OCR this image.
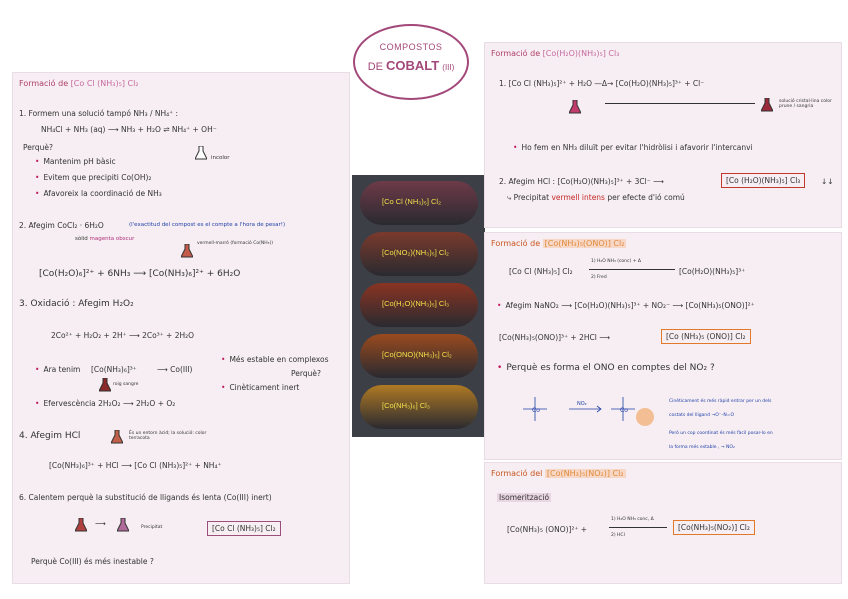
COMPOSTOS
DE COBALT (III)
Formació de [Co Cl (NH₃)₅] Cl₂
1. Formem una solució tampó NH₃ / NH₄⁺ :
NH₄Cl + NH₃ (aq) ⟶ NH₃ + H₂O ⇌ NH₄⁺ + OH⁻
Perquè?
• Mantenim pH bàsic
• Evitem que precipiti Co(OH)₂
• Afavoreix la coordinació de NH₃
incolor
2. Afegim CoCl₂ · 6H₂O	(l'exactitud del compost es el compte a l'hora de pesar!)
sòlid magenta obscur
vermell-marró (formació Co(NH₃))
[Co(H₂O)₆]²⁺ + 6NH₃ ⟶ [Co(NH₃)₆]²⁺ + 6H₂O
3. Oxidació : Afegim H₂O₂
2Co²⁺ + H₂O₂ + 2H⁺ ⟶ 2Co³⁺ + 2H₂O
• Ara tenim [Co(NH₃)₆]³⁺	⟶ Co(III)
roig sangre
• Més estable en complexos
Perquè?
• Cinèticament inert
• Efervescència 2H₂O₂ ⟶ 2H₂O + O₂
4. Afegim HCl	És un entorn àcid; la solució: color terracota
[Co(NH₃)₆]³⁺ + HCl ⟶ [Co Cl (NH₃)₅]²⁺ + NH₄⁺
6. Calentem perquè la substitució de lligands és lenta (Co(III) inert)
⟶	Precipitat	[Co Cl (NH₃)₅] Cl₂
Perquè Co(III) és més inestable ?
[Co Cl (NH₃)₅] Cl₂
[Co(NO₂)(NH₃)₅] Cl₂
[Co(H₂O)(NH₃)₅] Cl₃
[Co(ONO)(NH₃)₅] Cl₂
[Co(NH₃)₆] Cl₃
Formació de [Co(H₂O)(NH₃)₅] Cl₃
1. [Co Cl (NH₃)₅]²⁺ + H₂O —Δ→ [Co(H₂O)(NH₃)₅]³⁺ + Cl⁻
solució cristal·lina color prune / sangria
• Ho fem en NH₃ diluït per evitar l'hidròlisi i afavorir l'intercanvi
2. Afegim HCl : [Co(H₂O)(NH₃)₅]³⁺ + 3Cl⁻ ⟶	[Co (H₂O)(NH₃)₅] Cl₃	↓↓
⤷ Precipitat vermell intens per efecte d'ió comú
Formació de [Co(NH₃)₅(ONO)] Cl₂
[Co Cl (NH₃)₅] Cl₂
1) H₂O NH₃ (conc) + Δ
2) Fred
[Co(H₂O)(NH₃)₅]³⁺
• Afegim NaNO₂ ⟶ [Co(H₂O)(NH₃)₅]³⁺ + NO₂⁻ ⟶ [Co(NH₃)₅(ONO)]²⁺
[Co(NH₃)₅(ONO)]³⁺ + 2HCl ⟶	[Co (NH₃)₅ (ONO)] Cl₂
• Perquè es forma el ONO en comptes del NO₂ ?
Co	Co
NO₂	Cinèticament és més ràpid entrar per un dels
costats del lligand →O⁻–N=O
Però un cop coordinat és més fàcil posar-lo en
la forma més estable , → NO₂
Formació del [Co(NH₃)₅(NO₂)] Cl₂
Isomerització
[Co(NH₃)₅ (ONO)]²⁺ +
1) H₂O NH₃ conc, Δ
2) HCl
[Co(NH₃)₅(NO₂)] Cl₂
